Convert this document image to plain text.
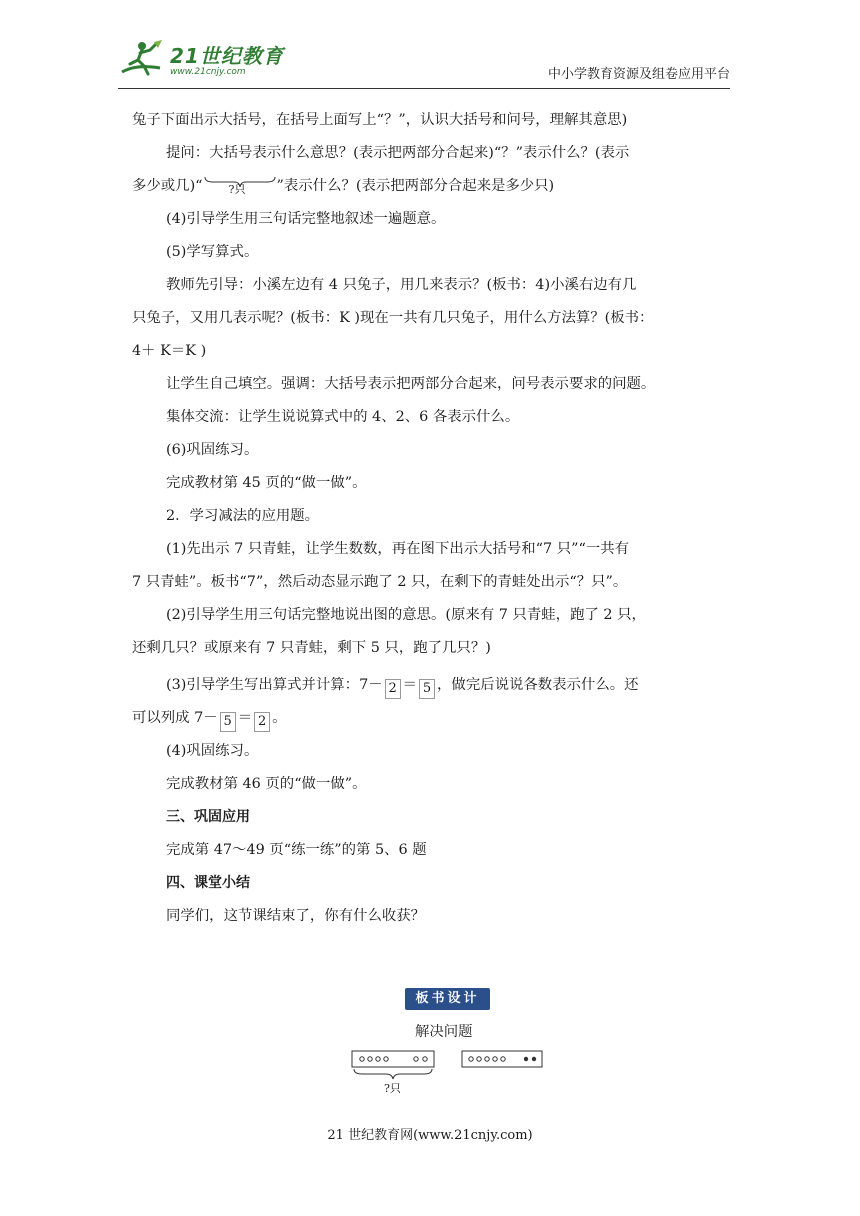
21世纪教育
www.21cnjy.com	中小学教育资源及组卷应用平台

兔子下面出示大括号，在括号上面写上“？”，认识大括号和问号，理解其意思)

提问：大括号表示什么意思？(表示把两部分合起来)“？”表示什么？(表示

多少或几)“ ?只 ”表示什么？(表示把两部分合起来是多少只)

(4)引导学生用三句话完整地叙述一遍题意。

(5)学写算式。

教师先引导：小溪左边有 4 只兔子，用几来表示？(板书：4)小溪右边有几

只兔子，又用几表示呢？(板书：K )现在一共有几只兔子，用什么方法算？(板书：

4＋ K＝K )

让学生自己填空。强调：大括号表示把两部分合起来，问号表示要求的问题。

集体交流：让学生说说算式中的 4、2、6 各表示什么。

(6)巩固练习。

完成教材第 45 页的“做一做”。

2．学习减法的应用题。

(1)先出示 7 只青蛙，让学生数数，再在图下出示大括号和“7 只”“一共有

7 只青蛙”。板书“7”，然后动态显示跑了 2 只，在剩下的青蛙处出示“？只”。

(2)引导学生用三句话完整地说出图的意思。(原来有 7 只青蛙，跑了 2 只，

还剩几只？或原来有 7 只青蛙，剩下 5 只，跑了几只？)

(3)引导学生写出算式并计算：7－ 2 ＝ 5 ，做完后说说各数表示什么。还

可以列成 7－ 5 ＝ 2 。

(4)巩固练习。

完成教材第 46 页的“做一做”。

三、巩固应用

完成第 47～49 页“练一练”的第 5、6 题

四、课堂小结

同学们，这节课结束了，你有什么收获？

板书设计
解决问题
?只
21 世纪教育网(www.21cnjy.com)
